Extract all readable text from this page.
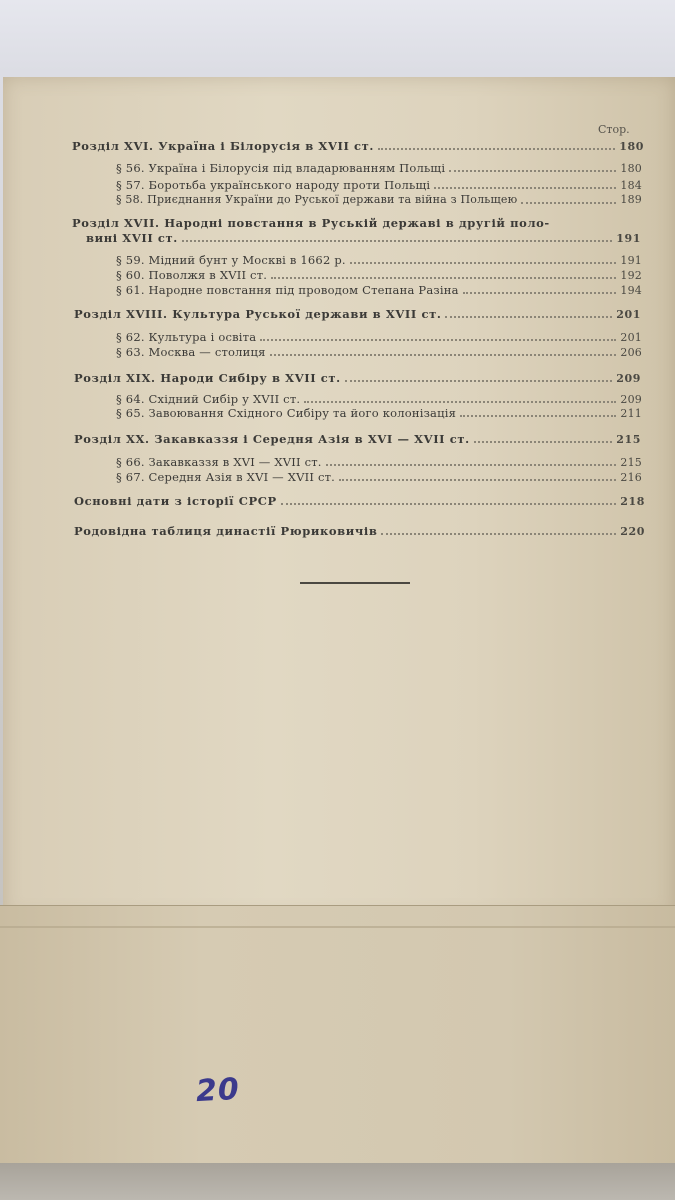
Стор.
Розділ XVI. Україна і Білорусія в XVII ст.	180
§ 56. Україна і Білорусія під владарюванням Польщі	180
§ 57. Боротьба українського народу проти Польщі	184
§ 58. Приєднання України до Руської держави та війна з Польщею	189
Розділ XVII. Народні повстання в Руській державі в другій поло-
вині XVII ст.	191
§ 59. Мідний бунт у Москві в 1662 р.	191
§ 60. Поволжя в XVII ст.	192
§ 61. Народне повстання під проводом Степана Разіна	194
Розділ XVIII. Культура Руської держави в XVII ст.	201
§ 62. Культура і освіта	201
§ 63. Москва — столиця	206
Розділ XIX. Народи Сибіру в XVII ст.	209
§ 64. Східний Сибір у XVII ст.	209
§ 65. Завоювання Східного Сибіру та його колонізація	211
Розділ XX. Закавказзя і Середня Азія в XVI — XVII ст.	215
§ 66. Закавказзя в XVI — XVII ст.	215
§ 67. Середня Азія в XVI — XVII ст.	216
Основні дати з історії СРСР	218
Родовідна таблиця династії Рюриковичів	220
20
